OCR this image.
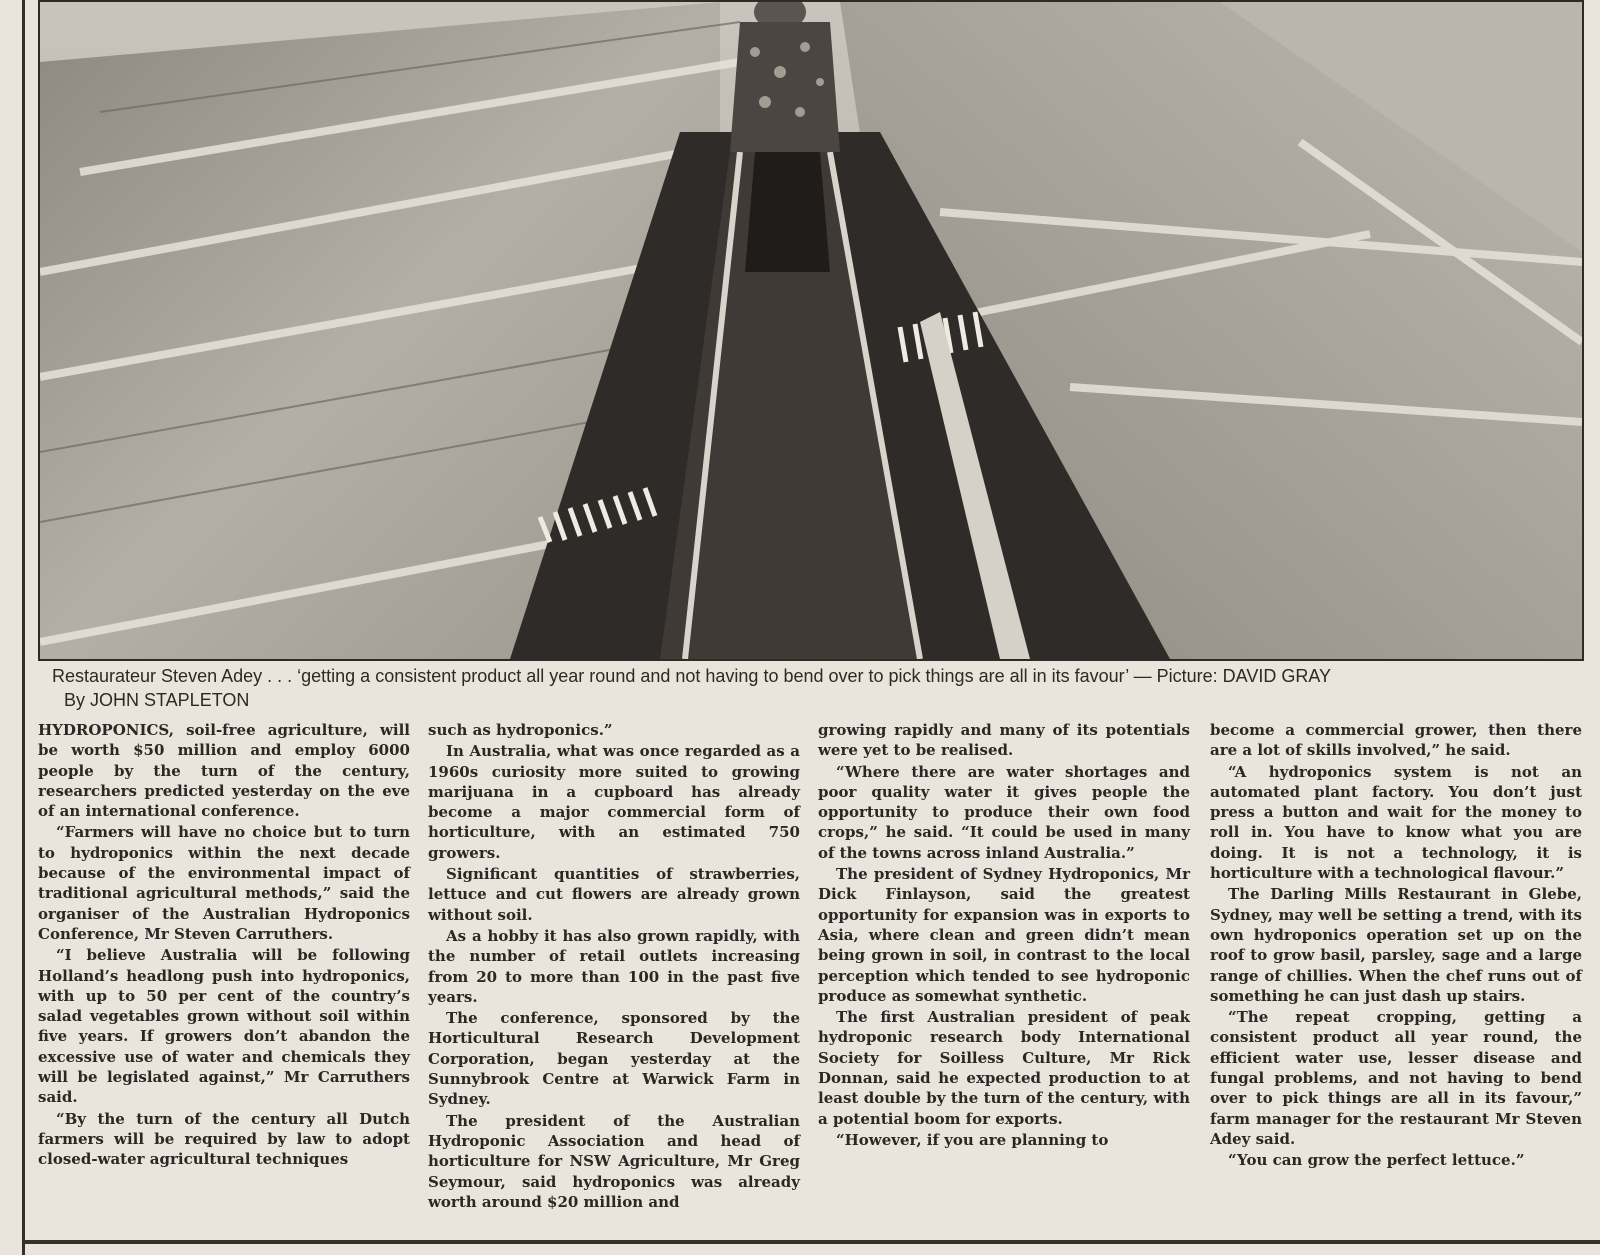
Restaurateur Steven Adey . . . ‘getting a consistent product all year round and not having to bend over to pick things are all in its favour’ — Picture: DAVID GRAY
By JOHN STAPLETON

HYDROPONICS, soil-free agriculture, will be worth $50 million and employ 6000 people by the turn of the century, researchers predicted yesterday on the eve of an international conference.

“Farmers will have no choice but to turn to hydroponics within the next decade because of the environmental impact of traditional agricultural methods,” said the organiser of the Australian Hydroponics Conference, Mr Steven Carruthers.

“I believe Australia will be following Holland’s headlong push into hydroponics, with up to 50 per cent of the country’s salad vegetables grown without soil within five years. If growers don’t abandon the excessive use of water and chemicals they will be legislated against,” Mr Carruthers said.

“By the turn of the century all Dutch farmers will be required by law to adopt closed-water agricultural techniques

such as hydroponics.”

In Australia, what was once regarded as a 1960s curiosity more suited to growing marijuana in a cupboard has already become a major commercial form of horticulture, with an estimated 750 growers.

Significant quantities of strawberries, lettuce and cut flowers are already grown without soil.

As a hobby it has also grown rapidly, with the number of retail outlets increasing from 20 to more than 100 in the past five years.

The conference, sponsored by the Horticultural Research Development Corporation, began yesterday at the Sunnybrook Centre at Warwick Farm in Sydney.

The president of the Australian Hydroponic Association and head of horticulture for NSW Agriculture, Mr Greg Seymour, said hydroponics was already worth around $20 million and

growing rapidly and many of its potentials were yet to be realised.

“Where there are water shortages and poor quality water it gives people the opportunity to produce their own food crops,” he said. “It could be used in many of the towns across inland Australia.”

The president of Sydney Hydroponics, Mr Dick Finlayson, said the greatest opportunity for expansion was in exports to Asia, where clean and green didn’t mean being grown in soil, in contrast to the local perception which tended to see hydroponic produce as somewhat synthetic.

The first Australian president of peak hydroponic research body International Society for Soilless Culture, Mr Rick Donnan, said he expected production to at least double by the turn of the century, with a potential boom for exports.

“However, if you are planning to

become a commercial grower, then there are a lot of skills involved,” he said.

“A hydroponics system is not an automated plant factory. You don’t just press a button and wait for the money to roll in. You have to know what you are doing. It is not a technology, it is horticulture with a technological flavour.”

The Darling Mills Restaurant in Glebe, Sydney, may well be setting a trend, with its own hydroponics operation set up on the roof to grow basil, parsley, sage and a large range of chillies. When the chef runs out of something he can just dash up stairs.

“The repeat cropping, getting a consistent product all year round, the efficient water use, lesser disease and fungal problems, and not having to bend over to pick things are all in its favour,” farm manager for the restaurant Mr Steven Adey said.

“You can grow the perfect lettuce.”
